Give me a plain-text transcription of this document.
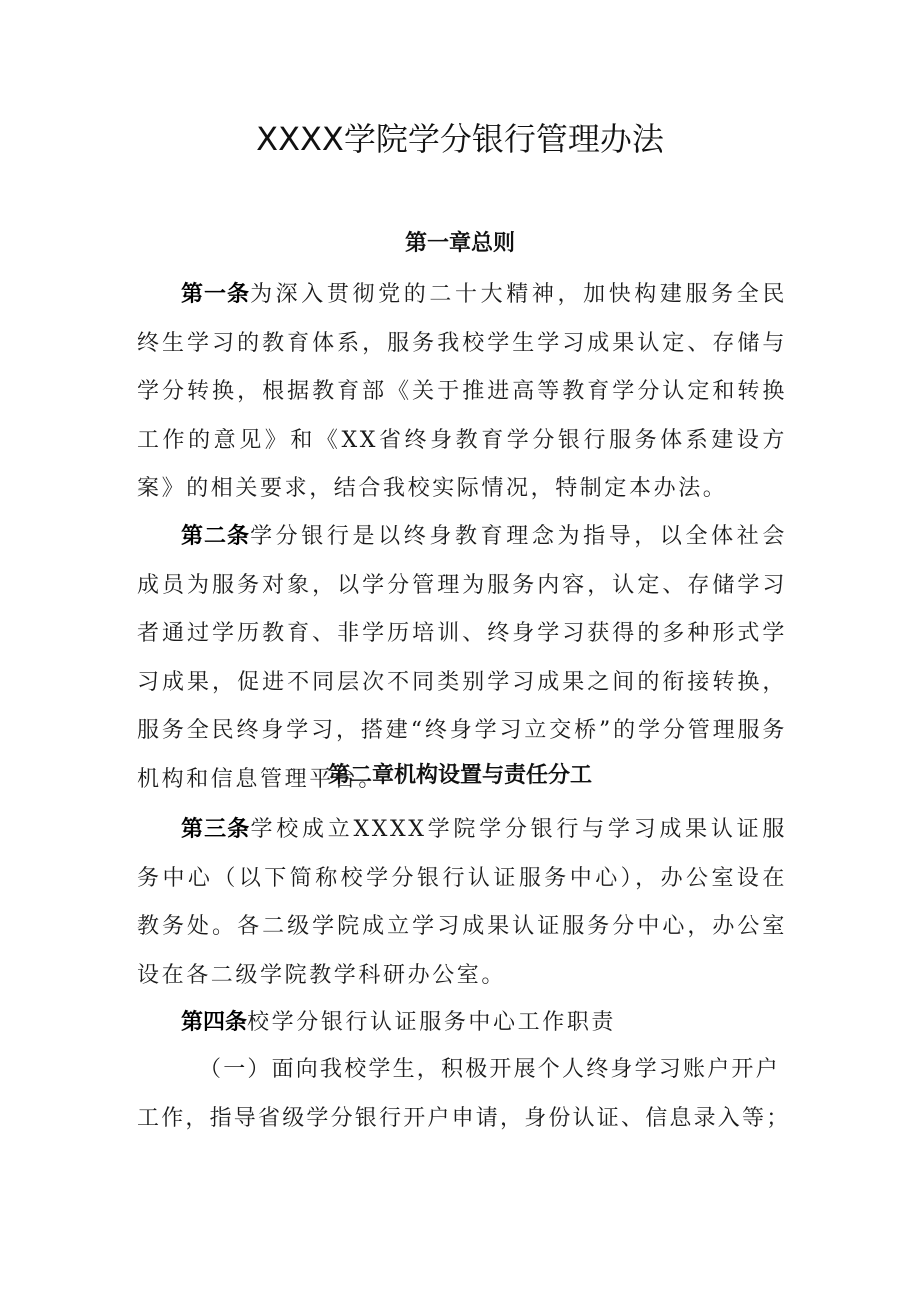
XXXX学院学分银行管理办法
第一章总则

第一条为深入贯彻党的二十大精神，加快构建服务全民终生学习的教育体系，服务我校学生学习成果认定、存储与学分转换，根据教育部《关于推进高等教育学分认定和转换工作的意见》和《XX省终身教育学分银行服务体系建设方案》的相关要求，结合我校实际情况，特制定本办法。

第二条学分银行是以终身教育理念为指导，以全体社会成员为服务对象，以学分管理为服务内容，认定、存储学习者通过学历教育、非学历培训、终身学习获得的多种形式学习成果，促进不同层次不同类别学习成果之间的衔接转换，服务全民终身学习，搭建“终身学习立交桥”的学分管理服务机构和信息管理平台。

第二章机构设置与责任分工

第三条学校成立XXXX学院学分银行与学习成果认证服务中心（以下简称校学分银行认证服务中心），办公室设在教务处。各二级学院成立学习成果认证服务分中心，办公室设在各二级学院教学科研办公室。

第四条校学分银行认证服务中心工作职责

（一）面向我校学生，积极开展个人终身学习账户开户工作，指导省级学分银行开户申请，身份认证、信息录入等；
